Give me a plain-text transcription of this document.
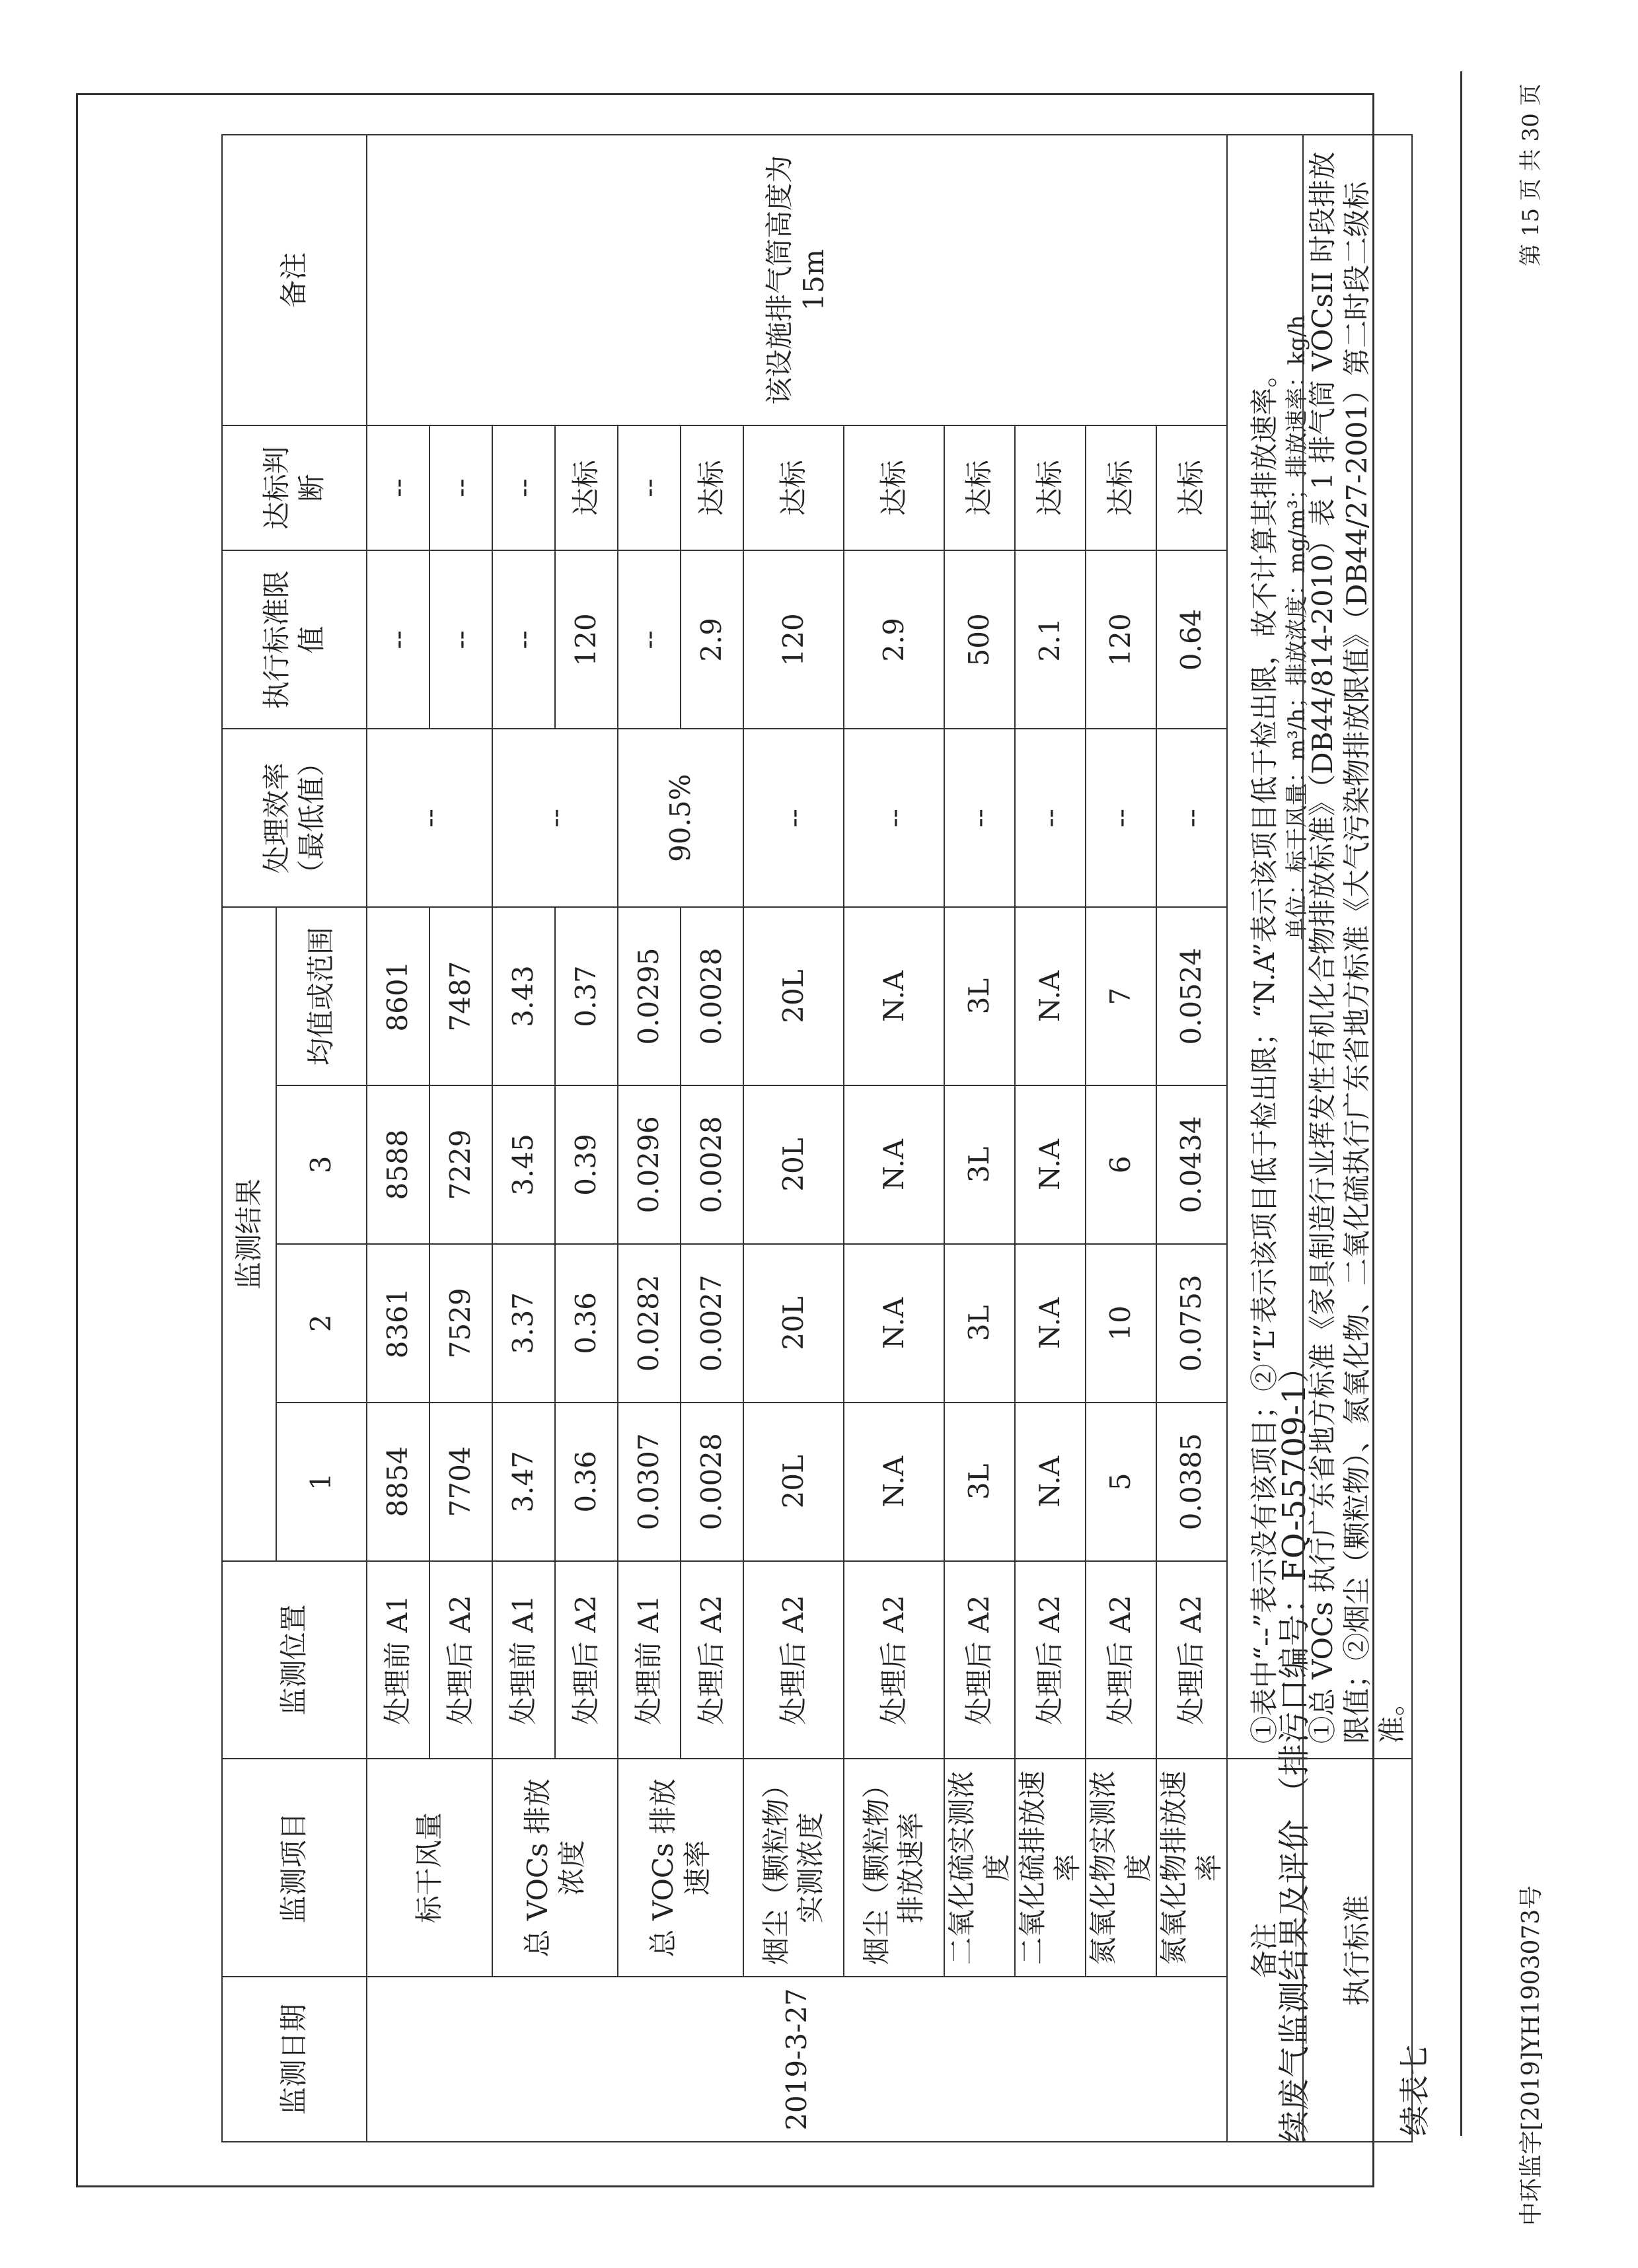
中环监字[2019]YH1903073号
第 15 页 共 30 页
续表七
续废气监测结果及评价 （排污口编号：FQ-55709-1）
单位：标干风量：m³/h；排放浓度：mg/m³；排放速率：kg/h
监测日期	监测项目	监测位置	监测结果				处理效率（最低值）	执行标准限值	达标判断	备注
			1	2	3	均值或范围				
2019-3-27	标干风量	处理前 A1	8854	8361	8588	8601	--	--	--	该设施排气筒高度为15m
		处理后 A2	7704	7529	7229	7487		--	--	
	总 VOCs 排放浓度	处理前 A1	3.47	3.37	3.45	3.43	--	--	--	
		处理后 A2	0.36	0.36	0.39	0.37		120	达标	
	总 VOCs 排放速率	处理前 A1	0.0307	0.0282	0.0296	0.0295	90.5%	--	--	
		处理后 A2	0.0028	0.0027	0.0028	0.0028		2.9	达标	
	烟尘（颗粒物）实测浓度	处理后 A2	20L	20L	20L	20L	--	120	达标	
	烟尘（颗粒物）排放速率	处理后 A2	N.A	N.A	N.A	N.A	--	2.9	达标	
	二氧化硫实测浓度	处理后 A2	3L	3L	3L	3L	--	500	达标	
	二氧化硫排放速率	处理后 A2	N.A	N.A	N.A	N.A	--	2.1	达标	
	氮氧化物实测浓度	处理后 A2	5	10	6	7	--	120	达标	
	氮氧化物排放速率	处理后 A2	0.0385	0.0753	0.0434	0.0524	--	0.64	达标	
备注		①表中“--”表示没有该项目；②“L”表示该项目低于检出限；“N.A”表示该项目低于检出限，故不计算其排放速率。								
执行标准		①总 VOCs 执行广东省地方标准《家具制造行业挥发性有机化合物排放标准》（DB44/814-2010）表 1 排气筒 VOCsII 时段排放限值；②烟尘（颗粒物）、氮氧化物、二氧化硫执行广东省地方标准《大气污染物排放限值》（DB44/27-2001）第二时段二级标准。								
